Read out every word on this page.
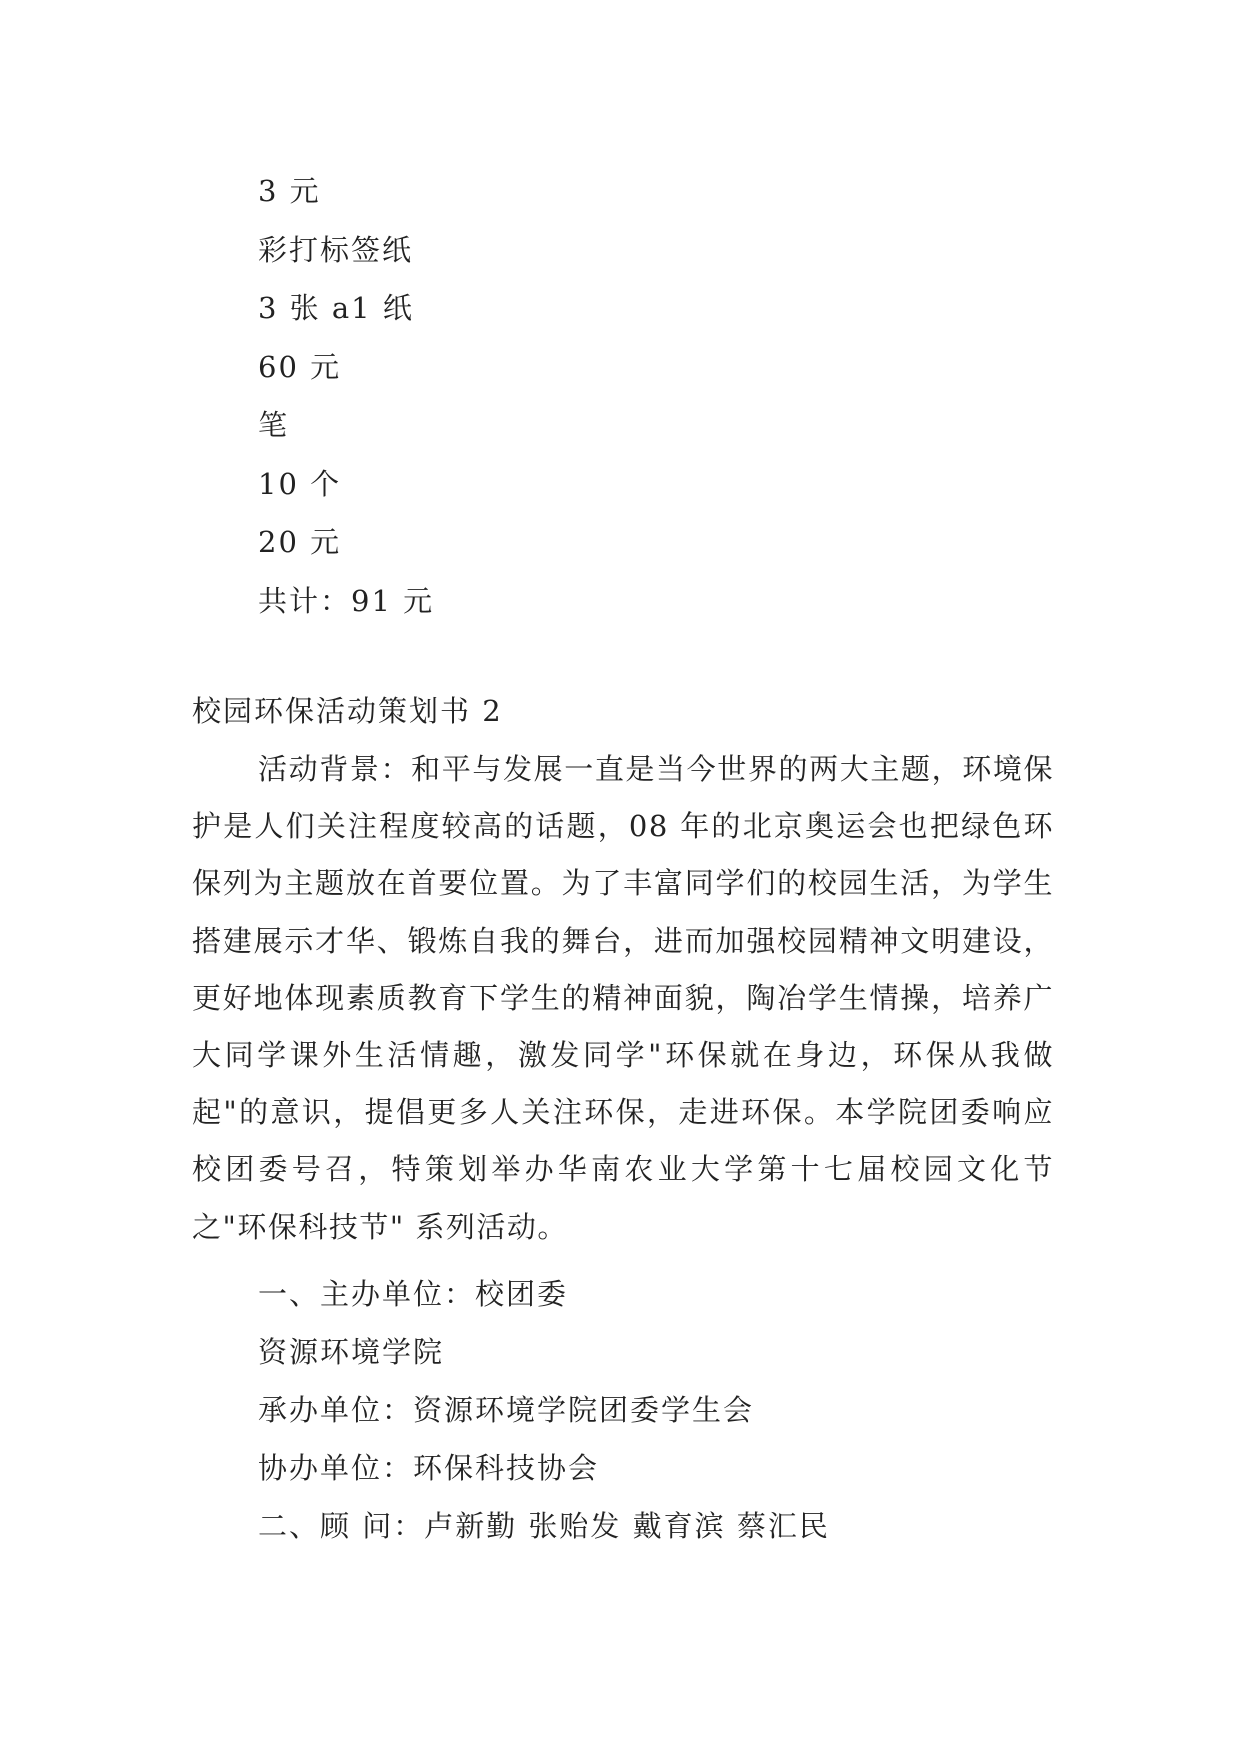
3 元
彩打标签纸
3 张 a1 纸
60 元
笔
10 个
20 元
共计：91 元
校园环保活动策划书 2

活动背景：和平与发展一直是当今世界的两大主题，环境保护是人们关注程度较高的话题，08 年的北京奥运会也把绿色环保列为主题放在首要位置。为了丰富同学们的校园生活，为学生搭建展示才华、锻炼自我的舞台，进而加强校园精神文明建设，更好地体现素质教育下学生的精神面貌，陶冶学生情操，培养广大同学课外生活情趣，激发同学"环保就在身边，环保从我做起"的意识，提倡更多人关注环保，走进环保。本学院团委响应校团委号召，特策划举办华南农业大学第十七届校园文化节之"环保科技节" 系列活动。

一、主办单位：校团委
资源环境学院
承办单位：资源环境学院团委学生会
协办单位：环保科技协会
二、顾 问：卢新勤 张贻发 戴育滨 蔡汇民
